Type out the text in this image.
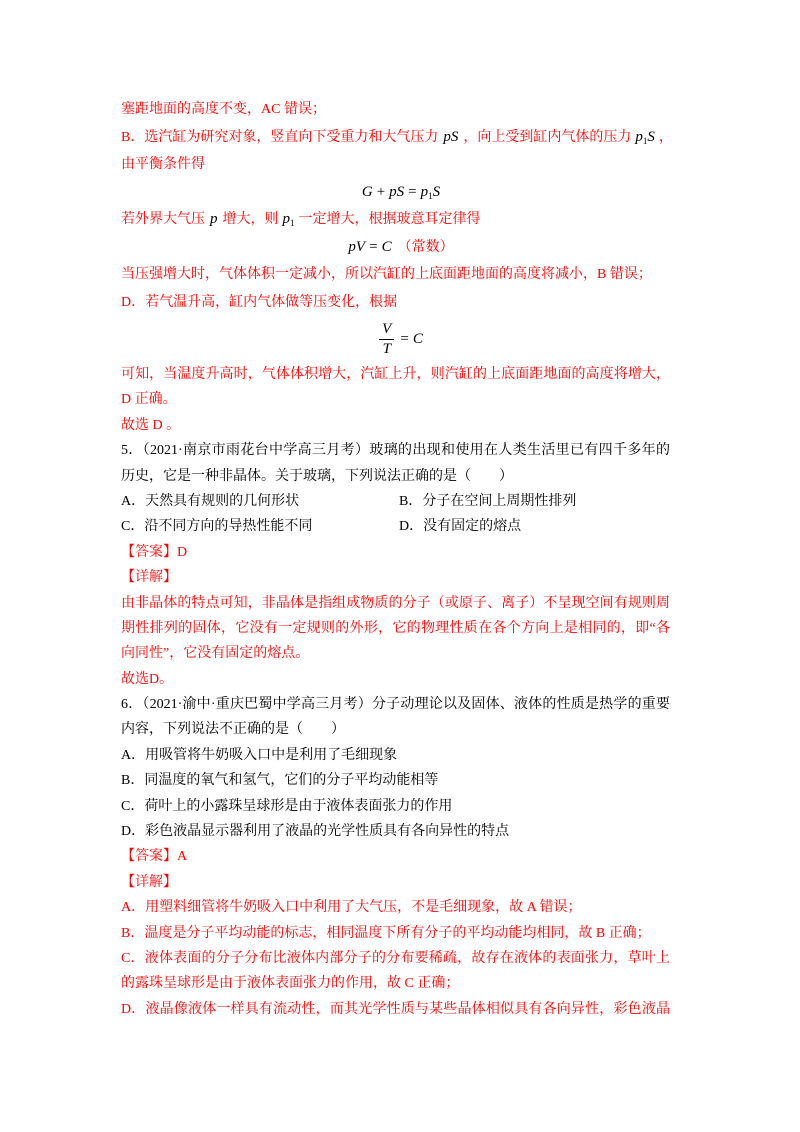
塞距地面的高度不变，AC 错误；
B．选汽缸为研究对象，竖直向下受重力和大气压力 pS ，向上受到缸内气体的压力 $p_1S$ ，
由平衡条件得
G + pS = $p_1S$
若外界大气压 p 增大，则 $p_1$ 一定增大，根据玻意耳定律得
pV = C （常数）
当压强增大时，气体体积一定减小，所以汽缸的上底面距地面的高度将减小，B 错误；
D．若气温升高，缸内气体做等压变化，根据
$\frac{V}{T} = C$
可知，当温度升高时，气体体积增大，汽缸上升，则汽缸的上底面距地面的高度将增大，
D 正确。
故选 D 。
5．（2021·南京市雨花台中学高三月考）玻璃的出现和使用在人类生活里已有四千多年的
历史，它是一种非晶体。关于玻璃，下列说法正确的是（　　）
A．天然具有规则的几何形状	B．分子在空间上周期性排列
C．沿不同方向的导热性能不同	D．没有固定的熔点
【答案】D
【详解】
由非晶体的特点可知，非晶体是指组成物质的分子（或原子、离子）不呈现空间有规则周
期性排列的固体，它没有一定规则的外形，它的物理性质在各个方向上是相同的，即“各
向同性”，它没有固定的熔点。
故选D。
6．（2021·渝中·重庆巴蜀中学高三月考）分子动理论以及固体、液体的性质是热学的重要
内容，下列说法不正确的是（　　）
A．用吸管将牛奶吸入口中是利用了毛细现象
B．同温度的氧气和氢气，它们的分子平均动能相等
C．荷叶上的小露珠呈球形是由于液体表面张力的作用
D．彩色液晶显示器利用了液晶的光学性质具有各向异性的特点
【答案】A
【详解】
A．用塑料细管将牛奶吸入口中利用了大气压，不是毛细现象，故 A 错误；
B．温度是分子平均动能的标志，相同温度下所有分子的平均动能均相同，故 B 正确；
C．液体表面的分子分布比液体内部分子的分布要稀疏，故存在液体的表面张力，草叶上
的露珠呈球形是由于液体表面张力的作用，故 C 正确；
D．液晶像液体一样具有流动性，而其光学性质与某些晶体相似具有各向异性，彩色液晶
